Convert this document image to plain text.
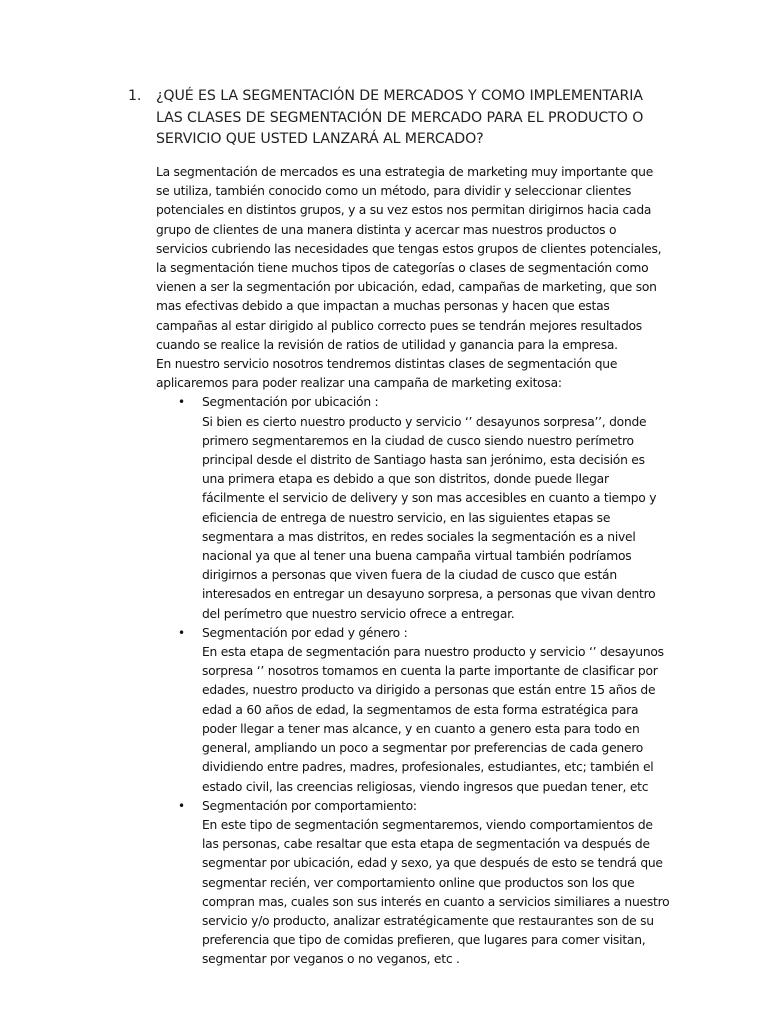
1.	¿QUÉ ES LA SEGMENTACIÓN DE MERCADOS Y COMO IMPLEMENTARIA LAS CLASES DE SEGMENTACIÓN DE MERCADO PARA EL PRODUCTO O SERVICIO QUE USTED LANZARÁ AL MERCADO?

La segmentación de mercados es una estrategia de marketing muy importante que se utiliza, también conocido como un método, para dividir y seleccionar clientes potenciales en distintos grupos, y a su vez estos nos permitan dirigirnos hacia cada grupo de clientes de una manera distinta y acercar mas nuestros productos o servicios cubriendo las necesidades que tengas estos grupos de clientes potenciales, la segmentación tiene muchos tipos de categorías o clases de segmentación como vienen a ser la segmentación por ubicación, edad, campañas de marketing, que son mas efectivas debido a que impactan a muchas personas y hacen que estas campañas al estar dirigido al publico correcto pues se tendrán mejores resultados cuando se realice la revisión de ratios de utilidad y ganancia para la empresa.

En nuestro servicio nosotros tendremos distintas clases de segmentación que aplicaremos para poder realizar una campaña de marketing exitosa:

• Segmentación por ubicación :
Si bien es cierto nuestro producto y servicio ‘’ desayunos sorpresa’’, donde primero segmentaremos en la ciudad de cusco siendo nuestro perímetro principal desde el distrito de Santiago hasta san jerónimo, esta decisión es una primera etapa es debido a que son distritos, donde puede llegar fácilmente el servicio de delivery y son mas accesibles en cuanto a tiempo y eficiencia de entrega de nuestro servicio, en las siguientes etapas se segmentara a mas distritos, en redes sociales la segmentación es a nivel nacional ya que al tener una buena campaña virtual también podríamos dirigirnos a personas que viven fuera de la ciudad de cusco que están interesados en entregar un desayuno sorpresa, a personas que vivan dentro del perímetro que nuestro servicio ofrece a entregar.
• Segmentación por edad y género :
En esta etapa de segmentación para nuestro producto y servicio ‘’ desayunos sorpresa ‘’ nosotros tomamos en cuenta la parte importante de clasificar por edades, nuestro producto va dirigido a personas que están entre 15 años de edad a 60 años de edad, la segmentamos de esta forma estratégica para poder llegar a tener mas alcance, y en cuanto a genero esta para todo en general, ampliando un poco a segmentar por preferencias de cada genero dividiendo entre padres, madres, profesionales, estudiantes, etc; también el estado civil, las creencias religiosas, viendo ingresos que puedan tener, etc
• Segmentación por comportamiento:
En este tipo de segmentación segmentaremos, viendo comportamientos de las personas, cabe resaltar que esta etapa de segmentación va después de segmentar por ubicación, edad y sexo, ya que después de esto se tendrá que segmentar recién, ver comportamiento online que productos son los que compran mas, cuales son sus interés en cuanto a servicios similiares a nuestro servicio y/o producto, analizar estratégicamente que restaurantes son de su preferencia que tipo de comidas prefieren, que lugares para comer visitan, segmentar por veganos o no veganos, etc .
